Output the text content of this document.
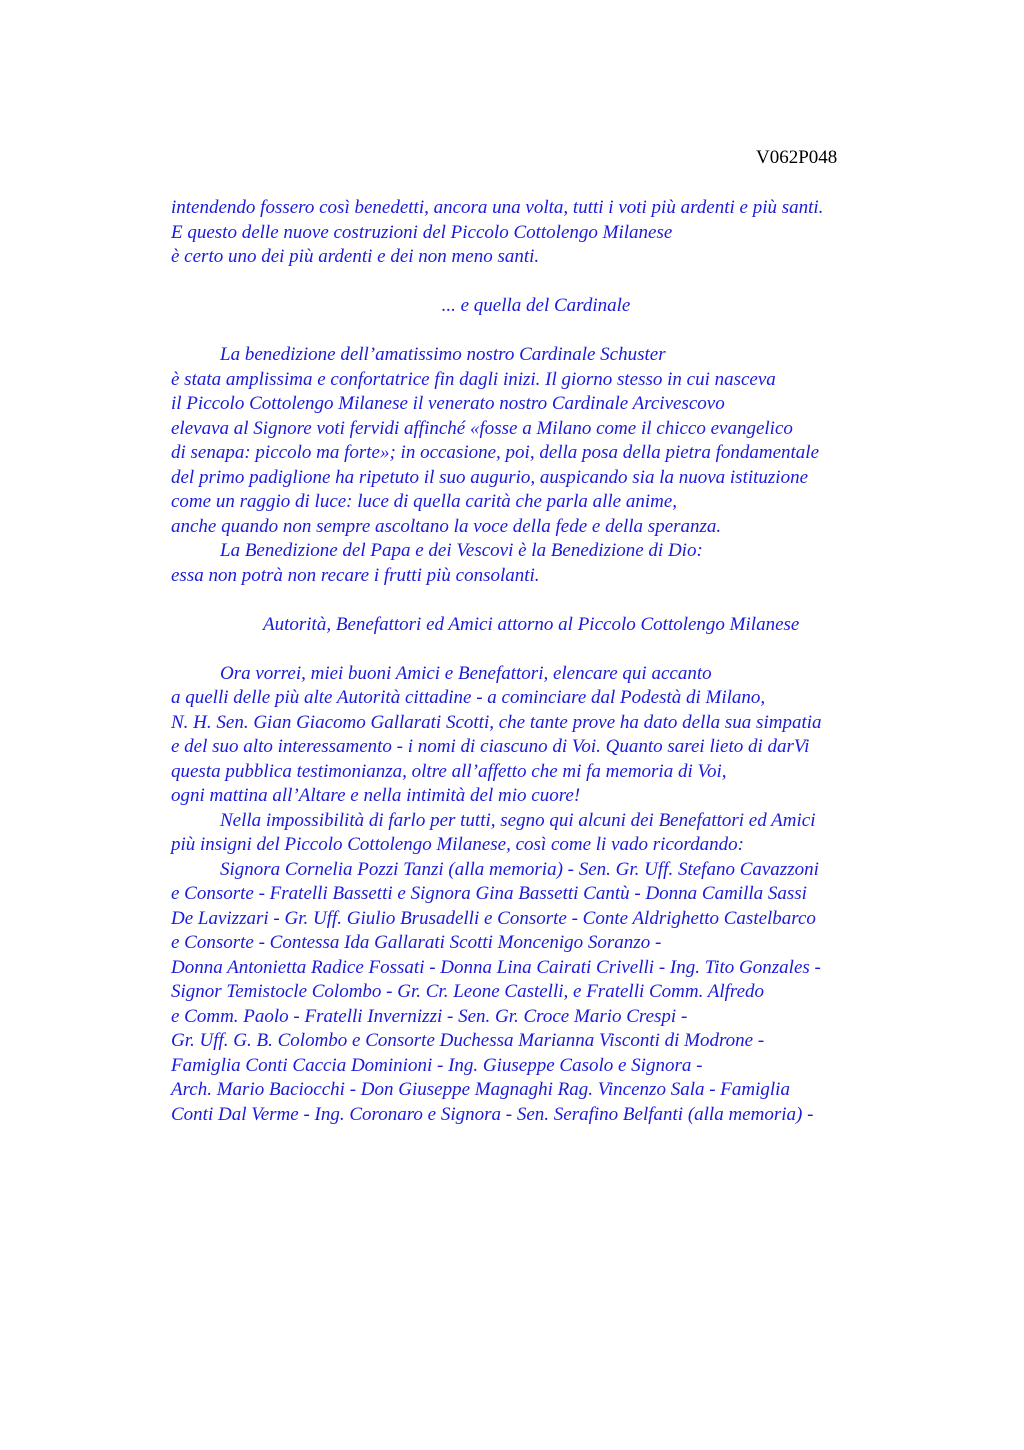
V062P048
intendendo fossero così benedetti, ancora una volta, tutti i voti più ardenti e più santi.
E questo delle nuove costruzioni del Piccolo Cottolengo Milanese
è certo uno dei più ardenti e dei non meno santi.
... e quella del Cardinale
La benedizione dell’amatissimo nostro Cardinale Schuster
è stata amplissima e confortatrice fin dagli inizi. Il giorno stesso in cui nasceva
il Piccolo Cottolengo Milanese il venerato nostro Cardinale Arcivescovo
elevava al Signore voti fervidi affinché «fosse a Milano come il chicco evangelico
di senapa: piccolo ma forte»; in occasione, poi, della posa della pietra fondamentale
del primo padiglione ha ripetuto il suo augurio, auspicando sia la nuova istituzione
come un raggio di luce: luce di quella carità che parla alle anime,
anche quando non sempre ascoltano la voce della fede e della speranza.
La Benedizione del Papa e dei Vescovi è la Benedizione di Dio:
essa non potrà non recare i frutti più consolanti.
Autorità, Benefattori ed Amici attorno al Piccolo Cottolengo Milanese
Ora vorrei, miei buoni Amici e Benefattori, elencare qui accanto
a quelli delle più alte Autorità cittadine - a cominciare dal Podestà di Milano,
N. H. Sen. Gian Giacomo Gallarati Scotti, che tante prove ha dato della sua simpatia
e del suo alto interessamento - i nomi di ciascuno di Voi. Quanto sarei lieto di darVi
questa pubblica testimonianza, oltre all’affetto che mi fa memoria di Voi,
ogni mattina all’Altare e nella intimità del mio cuore!
Nella impossibilità di farlo per tutti, segno qui alcuni dei Benefattori ed Amici
più insigni del Piccolo Cottolengo Milanese, così come li vado ricordando:
Signora Cornelia Pozzi Tanzi (alla memoria) - Sen. Gr. Uff. Stefano Cavazzoni
e Consorte - Fratelli Bassetti e Signora Gina Bassetti Cantù - Donna Camilla Sassi
De Lavizzari - Gr. Uff. Giulio Brusadelli e Consorte - Conte Aldrighetto Castelbarco
e Consorte - Contessa Ida Gallarati Scotti Moncenigo Soranzo -
Donna Antonietta Radice Fossati - Donna Lina Cairati Crivelli - Ing. Tito Gonzales -
Signor Temistocle Colombo - Gr. Cr. Leone Castelli, e Fratelli Comm. Alfredo
e Comm. Paolo - Fratelli Invernizzi - Sen. Gr. Croce Mario Crespi -
Gr. Uff. G. B. Colombo e Consorte Duchessa Marianna Visconti di Modrone -
Famiglia Conti Caccia Dominioni - Ing. Giuseppe Casolo e Signora -
Arch. Mario Baciocchi - Don Giuseppe Magnaghi Rag. Vincenzo Sala - Famiglia
Conti Dal Verme - Ing. Coronaro e Signora - Sen. Serafino Belfanti (alla memoria) -
